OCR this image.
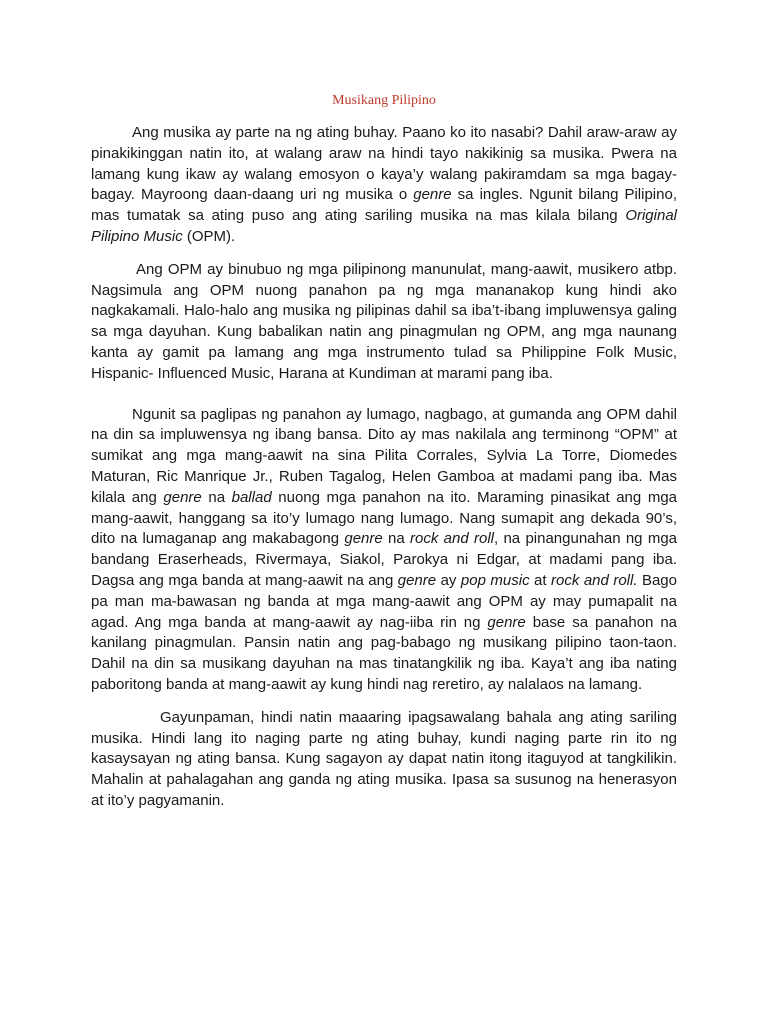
Musikang Pilipino

Ang musika ay parte na ng ating buhay. Paano ko ito nasabi? Dahil araw-araw ay pinakikinggan natin ito, at walang araw na hindi tayo nakikinig sa musika. Pwera na lamang kung ikaw ay walang emosyon o kaya’y walang pakiramdam sa mga bagay-bagay. Mayroong daan-daang uri ng musika o genre sa ingles. Ngunit bilang Pilipino, mas tumatak sa ating puso ang ating sariling musika na mas kilala bilang Original Pilipino Music (OPM).

Ang OPM ay binubuo ng mga pilipinong manunulat, mang-aawit, musikero atbp. Nagsimula ang OPM nuong panahon pa ng mga mananakop kung hindi ako nagkakamali. Halo-halo ang musika ng pilipinas dahil sa iba’t-ibang impluwensya galing sa mga dayuhan. Kung babalikan natin ang pinagmulan ng OPM, ang mga naunang kanta ay gamit pa lamang ang mga instrumento tulad sa Philippine Folk Music, Hispanic- Influenced Music, Harana at Kundiman at marami pang iba.

Ngunit sa paglipas ng panahon ay lumago, nagbago, at gumanda ang OPM dahil na din sa impluwensya ng ibang bansa. Dito ay mas nakilala ang terminong “OPM” at sumikat ang mga mang-aawit na sina Pilita Corrales, Sylvia La Torre, Diomedes Maturan, Ric Manrique Jr., Ruben Tagalog, Helen Gamboa at madami pang iba. Mas kilala ang genre na ballad nuong mga panahon na ito. Maraming pinasikat ang mga mang-aawit, hanggang sa ito’y lumago nang lumago. Nang sumapit ang dekada 90’s, dito na lumaganap ang makabagong genre na rock and roll, na pinangunahan ng mga bandang Eraserheads, Rivermaya, Siakol, Parokya ni Edgar, at madami pang iba. Dagsa ang mga banda at mang-aawit na ang genre ay pop music at rock and roll. Bago pa man ma-bawasan ng banda at mga mang-aawit ang OPM ay may pumapalit na agad. Ang mga banda at mang-aawit ay nag-iiba rin ng genre base sa panahon na kanilang pinagmulan. Pansin natin ang pag-babago ng musikang pilipino taon-taon. Dahil na din sa musikang dayuhan na mas tinatangkilik ng iba. Kaya’t ang iba nating paboritong banda at mang-aawit ay kung hindi nag reretiro, ay nalalaos na lamang.

Gayunpaman, hindi natin maaaring ipagsawalang bahala ang ating sariling musika. Hindi lang ito naging parte ng ating buhay, kundi naging parte rin ito ng kasaysayan ng ating bansa. Kung sagayon ay dapat natin itong itaguyod at tangkilikin. Mahalin at pahalagahan ang ganda ng ating musika. Ipasa sa susunog na henerasyon at ito’y pagyamanin.
